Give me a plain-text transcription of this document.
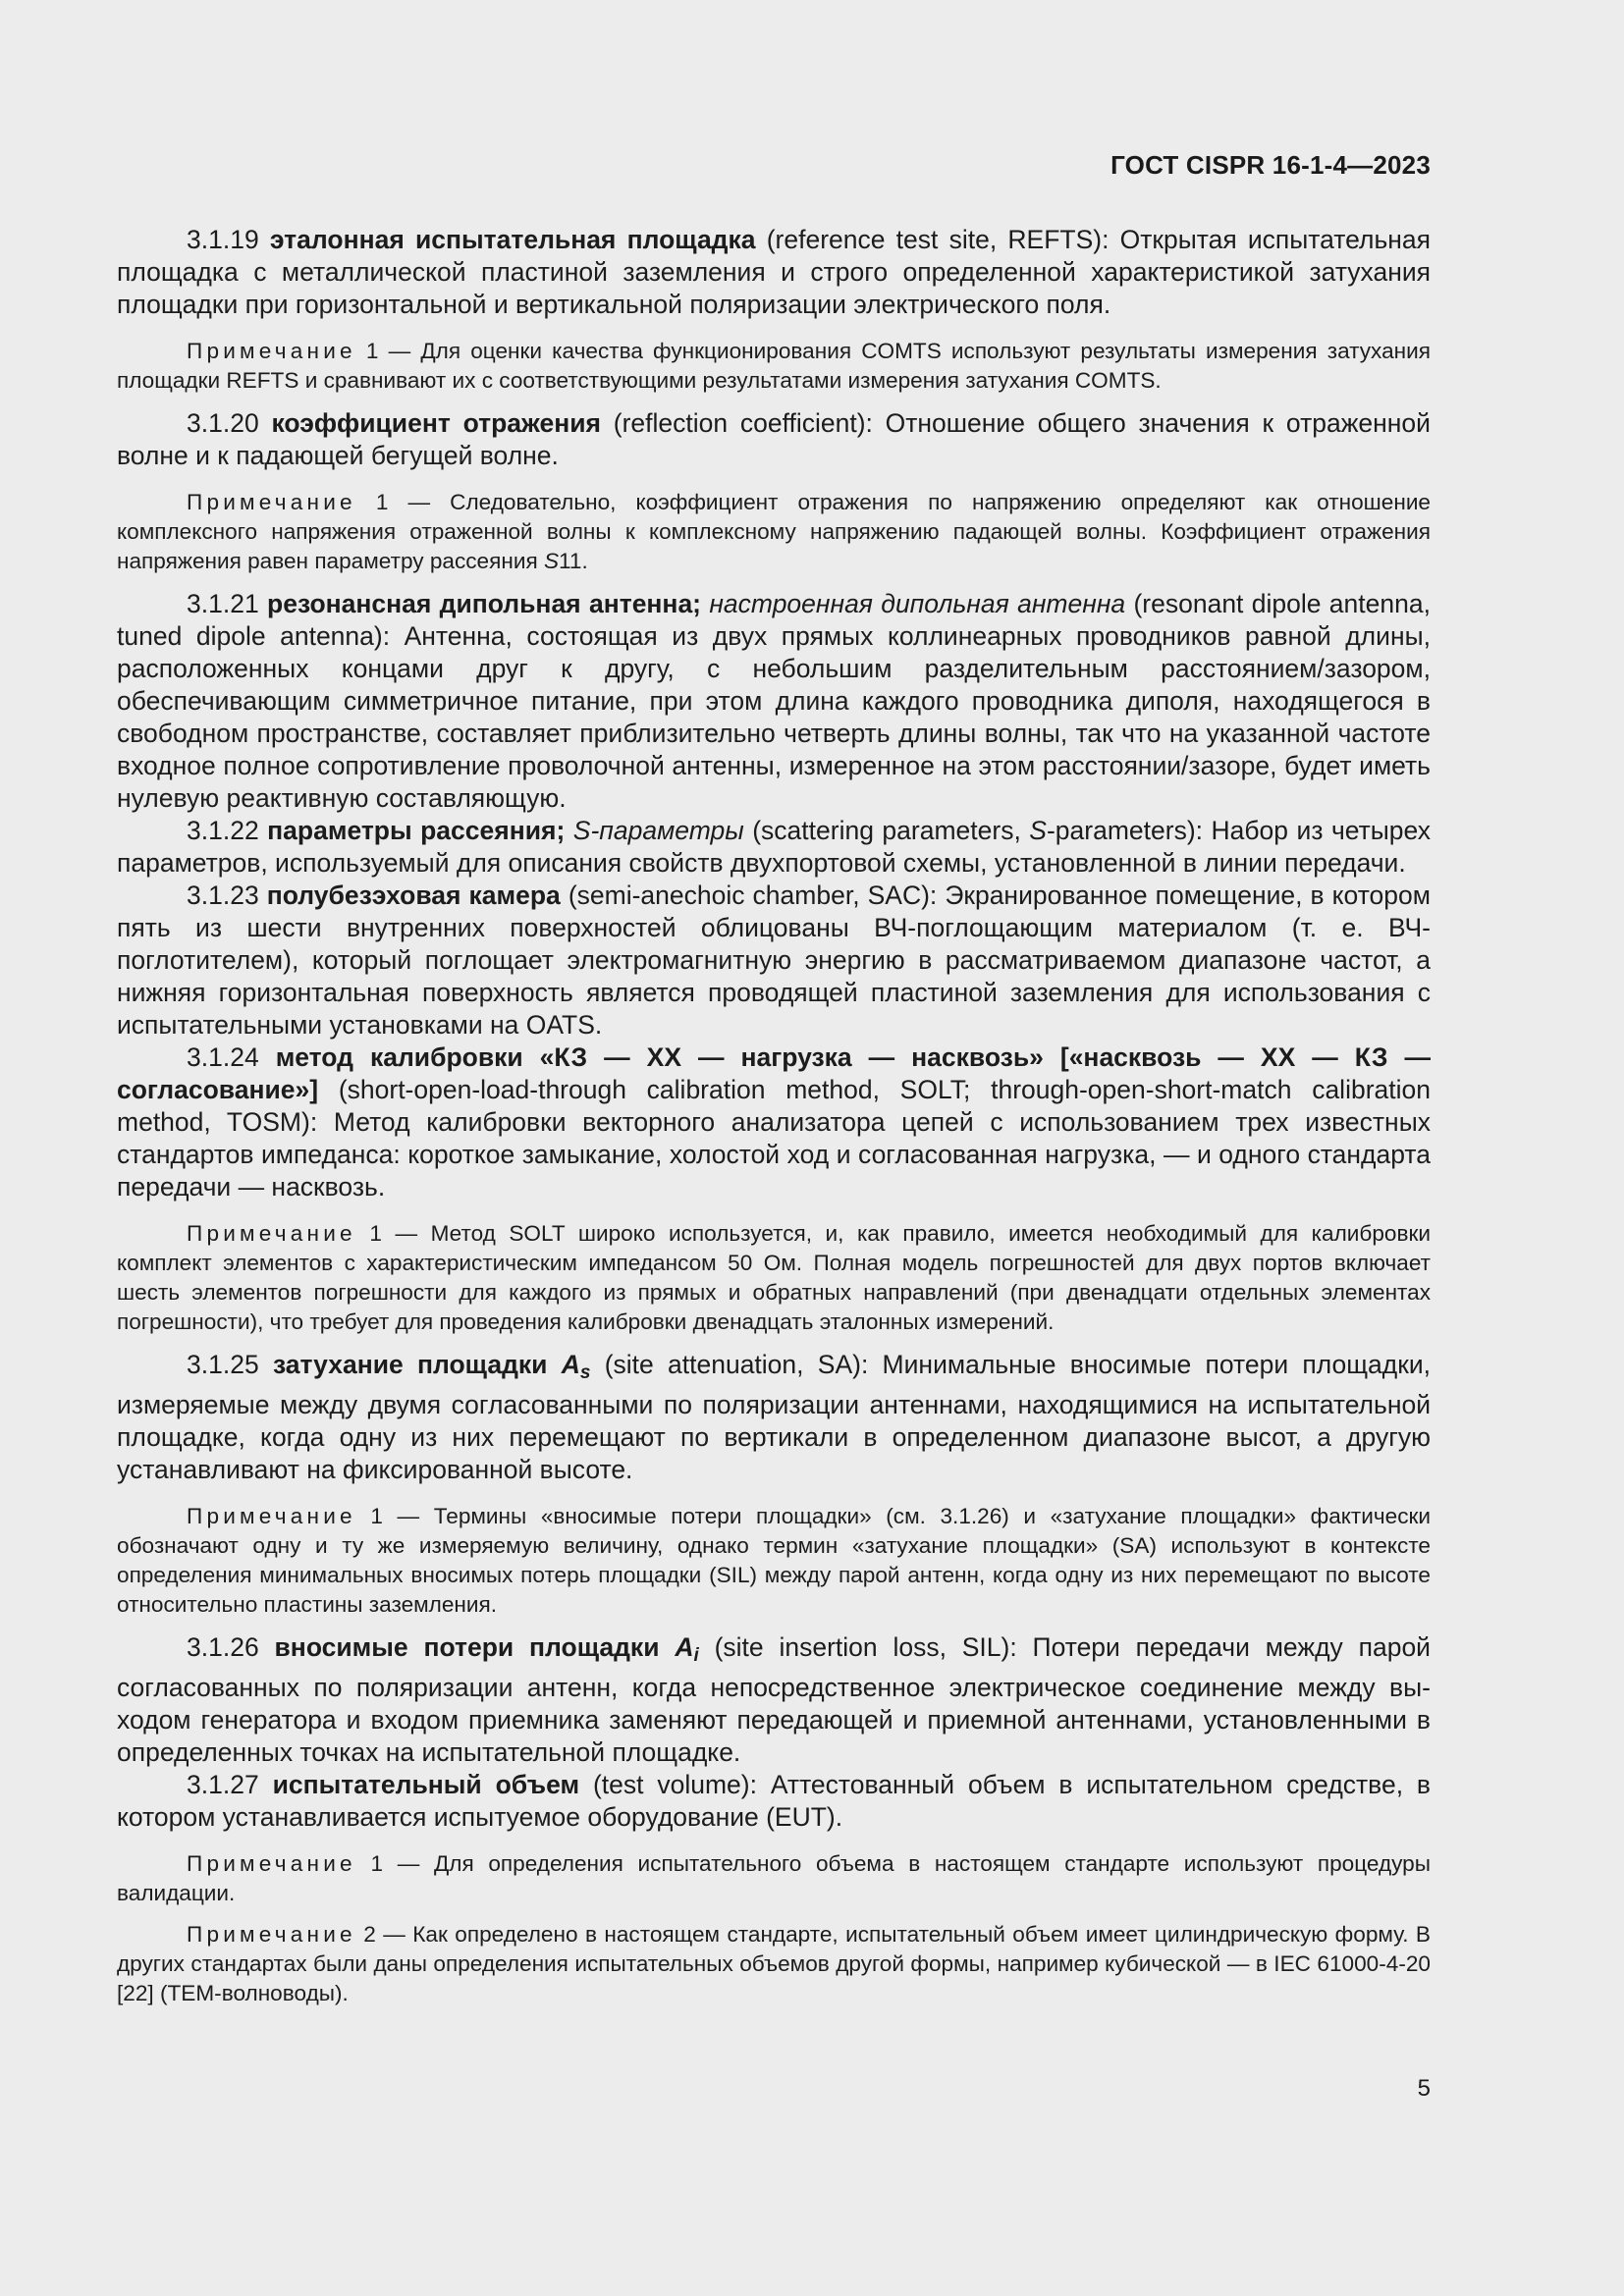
ГОСТ CISPR 16-1-4—2023

3.1.19 эталонная испытательная площадка (reference test site, REFTS): Открытая испытательная площадка с металлической пластиной заземления и строго определенной характеристикой затухания площадки при горизонтальной и вертикальной поляризации электрического поля.

Примечание 1 — Для оценки качества функционирования COMTS используют результаты измерения затухания площадки REFTS и сравнивают их с соответствующими результатами измерения затухания COMTS.

3.1.20 коэффициент отражения (reflection coefficient): Отношение общего значения к отраженной волне и к падающей бегущей волне.

Примечание 1 — Следовательно, коэффициент отражения по напряжению определяют как отношение комплексного напряжения отраженной волны к комплексному напряжению падающей волны. Коэффициент отражения напряжения равен параметру рассеяния S11.

3.1.21 резонансная дипольная антенна; настроенная дипольная антенна (resonant dipole antenna, tuned dipole antenna): Антенна, состоящая из двух прямых коллинеарных проводников равной длины, расположенных концами друг к другу, с небольшим разделительным расстоянием/зазором, обеспечивающим симметричное питание, при этом длина каждого проводника диполя, находящегося в свободном пространстве, составляет приблизительно четверть длины волны, так что на указанной частоте входное полное сопротивление проволочной антенны, измеренное на этом расстоянии/зазоре, будет иметь нулевую реактивную составляющую.

3.1.22 параметры рассеяния; S-параметры (scattering parameters, S-parameters): Набор из четырех параметров, используемый для описания свойств двухпортовой схемы, установленной в линии передачи.

3.1.23 полубезэховая камера (semi-anechoic chamber, SAC): Экранированное помещение, в котором пять из шести внутренних поверхностей облицованы ВЧ-поглощающим материалом (т. е. ВЧ-поглотителем), который поглощает электромагнитную энергию в рассматриваемом диапазоне частот, а нижняя горизонтальная поверхность является проводящей пластиной заземления для использования с испытательными установками на OATS.

3.1.24 метод калибровки «КЗ — ХХ — нагрузка — насквозь» [«насквозь — ХХ — КЗ — согласование»] (short-open-load-through calibration method, SOLT; through-open-short-match calibration method, TOSM): Метод калибровки векторного анализатора цепей с использованием трех известных стандартов импеданса: короткое замыкание, холостой ход и согласованная нагрузка, — и одного стандарта передачи — насквозь.

Примечание 1 — Метод SOLT широко используется, и, как правило, имеется необходимый для калибровки комплект элементов с характеристическим импедансом 50 Ом. Полная модель погрешностей для двух портов включает шесть элементов погрешности для каждого из прямых и обратных направлений (при двенадцати отдельных элементах погрешности), что требует для проведения калибровки двенадцать эталонных измерений.

3.1.25 затухание площадки $A_s$ (site attenuation, SA): Минимальные вносимые потери площадки, измеряемые между двумя согласованными по поляризации антеннами, находящимися на испытательной площадке, когда одну из них перемещают по вертикали в определенном диапазоне высот, а другую устанавливают на фиксированной высоте.

Примечание 1 — Термины «вносимые потери площадки» (см. 3.1.26) и «затухание площадки» фактически обозначают одну и ту же измеряемую величину, однако термин «затухание площадки» (SA) используют в контексте определения минимальных вносимых потерь площадки (SIL) между парой антенн, когда одну из них перемещают по высоте относительно пластины заземления.

3.1.26 вносимые потери площадки $A_i$ (site insertion loss, SIL): Потери передачи между парой согласованных по поляризации антенн, когда непосредственное электрическое соединение между выходом генератора и входом приемника заменяют передающей и приемной антеннами, установленными в определенных точках на испытательной площадке.

3.1.27 испытательный объем (test volume): Аттестованный объем в испытательном средстве, в котором устанавливается испытуемое оборудование (EUT).

Примечание 1 — Для определения испытательного объема в настоящем стандарте используют процедуры валидации.

Примечание 2 — Как определено в настоящем стандарте, испытательный объем имеет цилиндрическую форму. В других стандартах были даны определения испытательных объемов другой формы, например кубической — в IEC 61000-4-20 [22] (TEM-волноводы).

5
